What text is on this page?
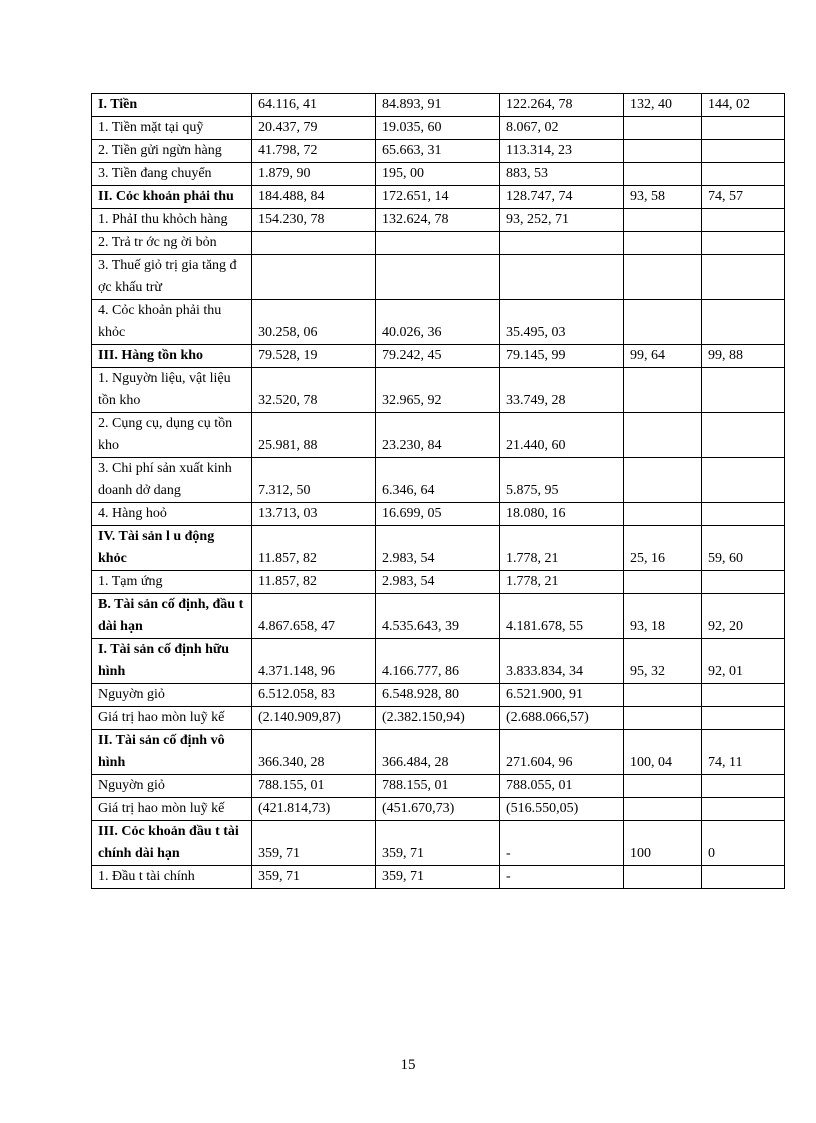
I. Tiền	64.116, 41	84.893, 91	122.264, 78	132, 40	144, 02
1. Tiền mặt tại quỹ	20.437, 79	19.035, 60	8.067, 02		
2. Tiền gửi ngừn hàng	41.798, 72	65.663, 31	113.314, 23		
3. Tiền đang chuyển	1.879, 90	195, 00	883, 53		
II. Cỏc khoản phải thu	184.488, 84	172.651, 14	128.747, 74	93, 58	74, 57
1. PhảI thu khỏch hàng	154.230, 78	132.624, 78	93, 252, 71		
2. Trả tr ớc ng ời bỏn					
3. Thuế giỏ trị gia tăng đ ợc khấu trừ					
4. Cỏc khoản phải thu khỏc	30.258, 06	40.026, 36	35.495, 03		
III. Hàng tồn kho	79.528, 19	79.242, 45	79.145, 99	99, 64	99, 88
1. Nguyờn liệu, vật liệu tồn kho	32.520, 78	32.965, 92	33.749, 28		
2. Cụng cụ, dụng cụ tồn kho	25.981, 88	23.230, 84	21.440, 60		
3. Chi phí sản xuất kinh doanh dở dang	7.312, 50	6.346, 64	5.875, 95		
4. Hàng hoỏ	13.713, 03	16.699, 05	18.080, 16		
IV. Tài sản l u động khỏc	11.857, 82	2.983, 54	1.778, 21	25, 16	59, 60
1. Tạm ứng	11.857, 82	2.983, 54	1.778, 21		
B. Tài sản cố định, đầu t dài hạn	4.867.658, 47	4.535.643, 39	4.181.678, 55	93, 18	92, 20
I. Tài sản cố định hữu hình	4.371.148, 96	4.166.777, 86	3.833.834, 34	95, 32	92, 01
Nguyờn giỏ	6.512.058, 83	6.548.928, 80	6.521.900, 91		
Giá trị hao mòn luỹ kế	(2.140.909,87)	(2.382.150,94)	(2.688.066,57)		
II. Tài sản cố định vô hình	366.340, 28	366.484, 28	271.604, 96	100, 04	74, 11
Nguyờn giỏ	788.155, 01	788.155, 01	788.055, 01		
Giá trị hao mòn luỹ kế	(421.814,73)	(451.670,73)	(516.550,05)		
III. Cỏc khoản đầu t tài chính dài hạn	359, 71	359, 71	-	100	0
1. Đầu t tài chính	359, 71	359, 71	-		
15
